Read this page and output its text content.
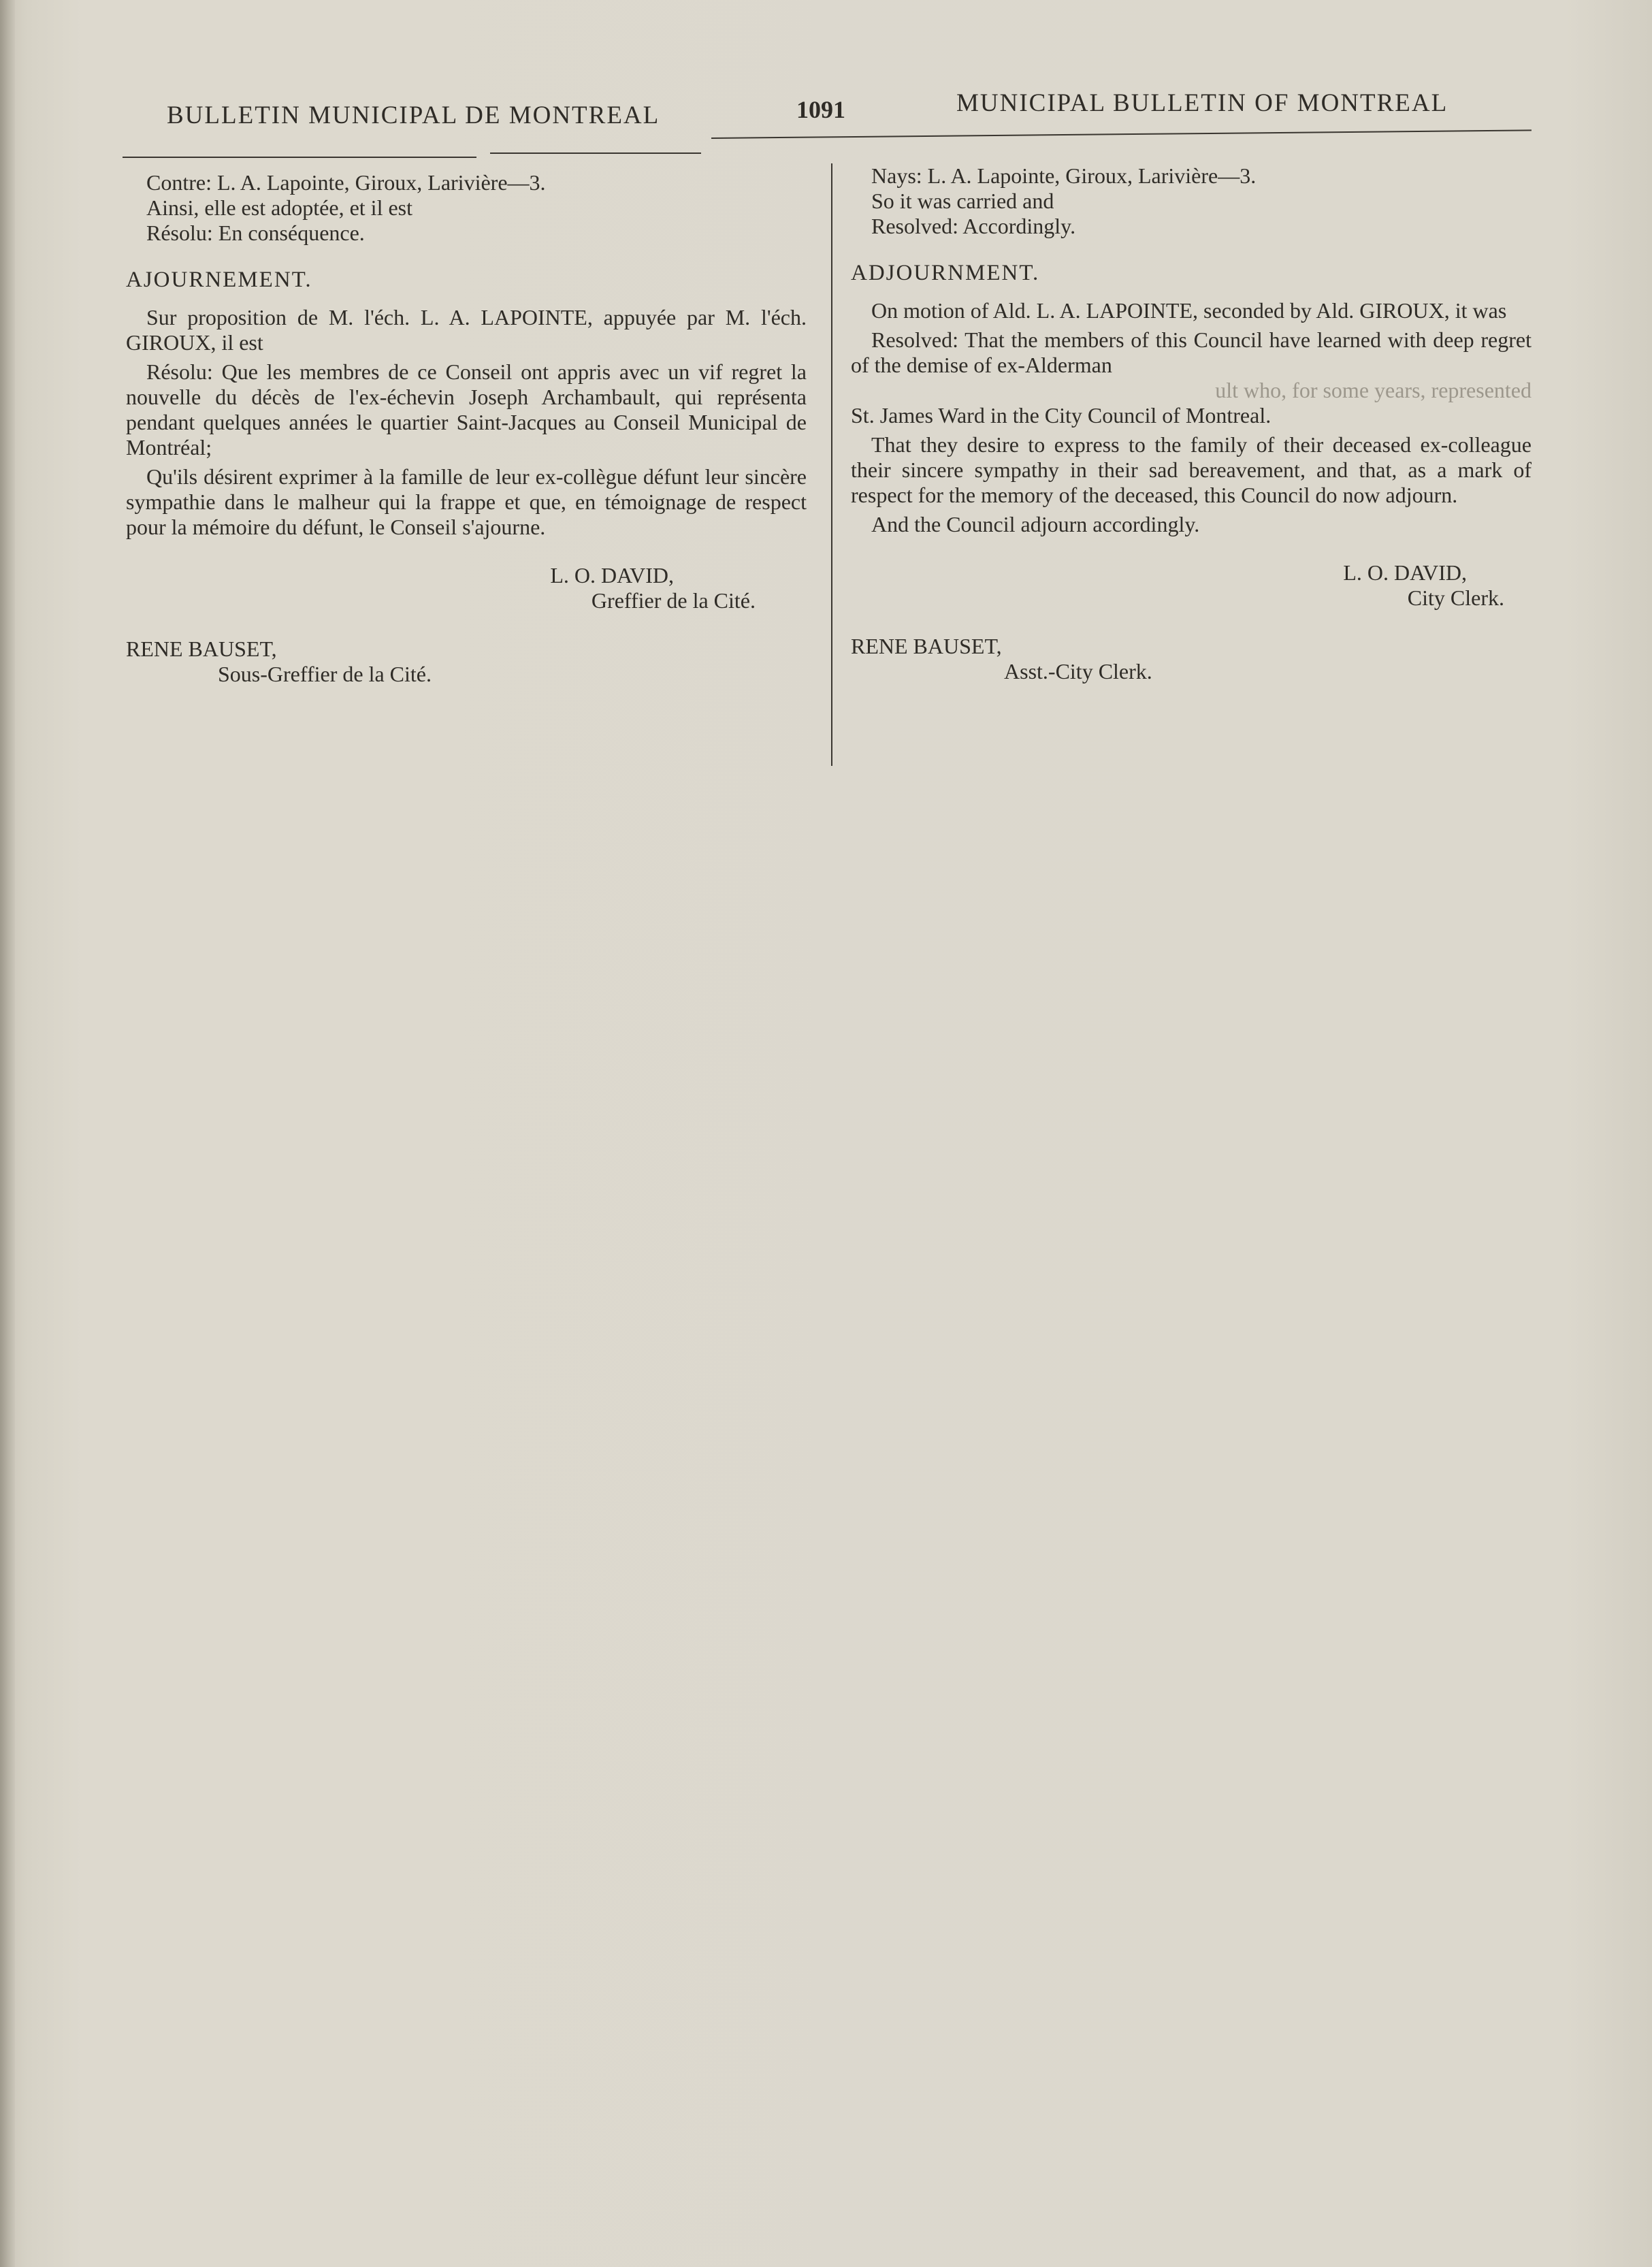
BULLETIN MUNICIPAL DE MONTREAL	1091	MUNICIPAL BULLETIN OF MONTREAL

Contre: L. A. Lapointe, Giroux, Larivière—3.

Ainsi, elle est adoptée, et il est

Résolu: En conséquence.

AJOURNEMENT.

Sur proposition de M. l'éch. L. A. LAPOINTE, appuyée par M. l'éch. GIROUX, il est

Résolu: Que les membres de ce Conseil ont appris avec un vif regret la nouvelle du décès de l'ex-échevin Joseph Archambault, qui représenta pendant quelques années le quartier Saint-Jacques au Conseil Municipal de Montréal;

Qu'ils désirent exprimer à la famille de leur ex-collègue défunt leur sincère sympathie dans le malheur qui la frappe et que, en témoignage de respect pour la mémoire du défunt, le Conseil s'ajourne.

L. O. DAVID,

Greffier de la Cité.

RENE BAUSET,

Sous-Greffier de la Cité.

Nays: L. A. Lapointe, Giroux, Larivière—3.

So it was carried and

Resolved: Accordingly.

ADJOURNMENT.

On motion of Ald. L. A. LAPOINTE, seconded by Ald. GIROUX, it was

Resolved: That the members of this Council have learned with deep regret of the demise of ex-Alderman

ult who, for some years, represented

St. James Ward in the City Council of Montreal.

That they desire to express to the family of their deceased ex-colleague their sincere sympathy in their sad bereavement, and that, as a mark of respect for the memory of the deceased, this Council do now adjourn.

And the Council adjourn accordingly.

L. O. DAVID,

City Clerk.

RENE BAUSET,

Asst.-City Clerk.
